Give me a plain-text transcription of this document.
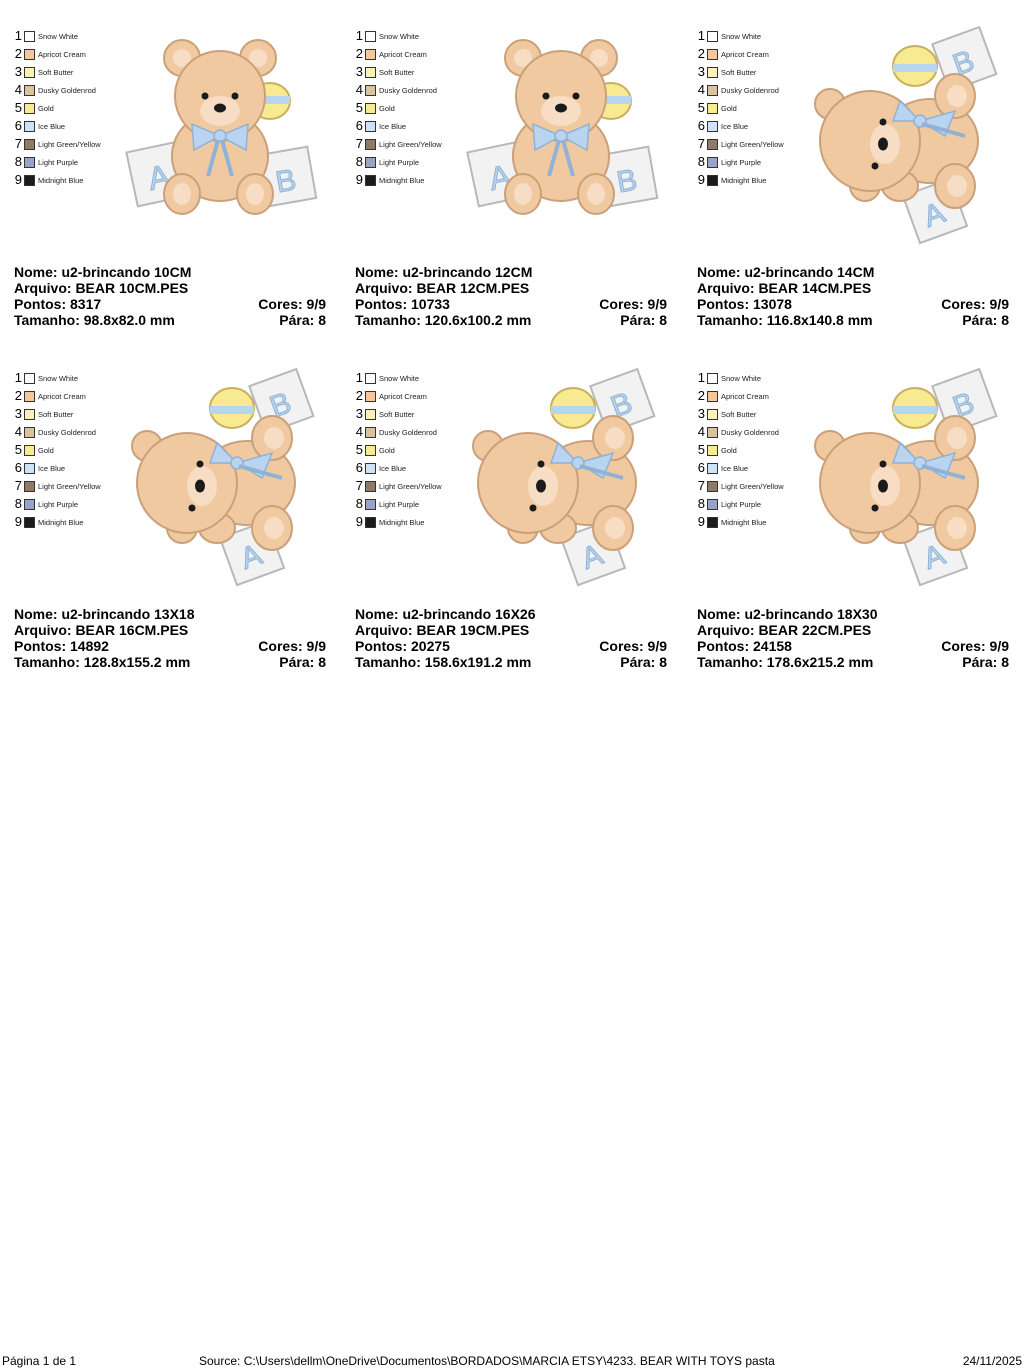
1 Snow White
2 Apricot Cream
3 Soft Butter
4 Dusky Goldenrod
5 Gold
6 Ice Blue
7 Light Green/Yellow
8 Light Purple
9 Midnight Blue
Nome: u2-brincando 10CM
Arquivo: BEAR 10CM.PES
Pontos: 8317	Cores: 9/9
Tamanho: 98.8x82.0 mm	Pára: 8
1 Snow White
2 Apricot Cream
3 Soft Butter
4 Dusky Goldenrod
5 Gold
6 Ice Blue
7 Light Green/Yellow
8 Light Purple
9 Midnight Blue
Nome: u2-brincando 12CM
Arquivo: BEAR 12CM.PES
Pontos: 10733	Cores: 9/9
Tamanho: 120.6x100.2 mm	Pára: 8
1 Snow White
2 Apricot Cream
3 Soft Butter
4 Dusky Goldenrod
5 Gold
6 Ice Blue
7 Light Green/Yellow
8 Light Purple
9 Midnight Blue
Nome: u2-brincando 14CM
Arquivo: BEAR 14CM.PES
Pontos: 13078	Cores: 9/9
Tamanho: 116.8x140.8 mm	Pára: 8
1 Snow White
2 Apricot Cream
3 Soft Butter
4 Dusky Goldenrod
5 Gold
6 Ice Blue
7 Light Green/Yellow
8 Light Purple
9 Midnight Blue
Nome: u2-brincando 13X18
Arquivo: BEAR 16CM.PES
Pontos: 14892	Cores: 9/9
Tamanho: 128.8x155.2 mm	Pára: 8
1 Snow White
2 Apricot Cream
3 Soft Butter
4 Dusky Goldenrod
5 Gold
6 Ice Blue
7 Light Green/Yellow
8 Light Purple
9 Midnight Blue
Nome: u2-brincando 16X26
Arquivo: BEAR 19CM.PES
Pontos: 20275	Cores: 9/9
Tamanho: 158.6x191.2 mm	Pára: 8
1 Snow White
2 Apricot Cream
3 Soft Butter
4 Dusky Goldenrod
5 Gold
6 Ice Blue
7 Light Green/Yellow
8 Light Purple
9 Midnight Blue
Nome: u2-brincando 18X30
Arquivo: BEAR 22CM.PES
Pontos: 24158	Cores: 9/9
Tamanho: 178.6x215.2 mm	Pára: 8
Página 1 de 1	Source: C:\Users\dellm\OneDrive\Documentos\BORDADOS\MARCIA ETSY\4233. BEAR WITH TOYS pasta	24/11/2025
